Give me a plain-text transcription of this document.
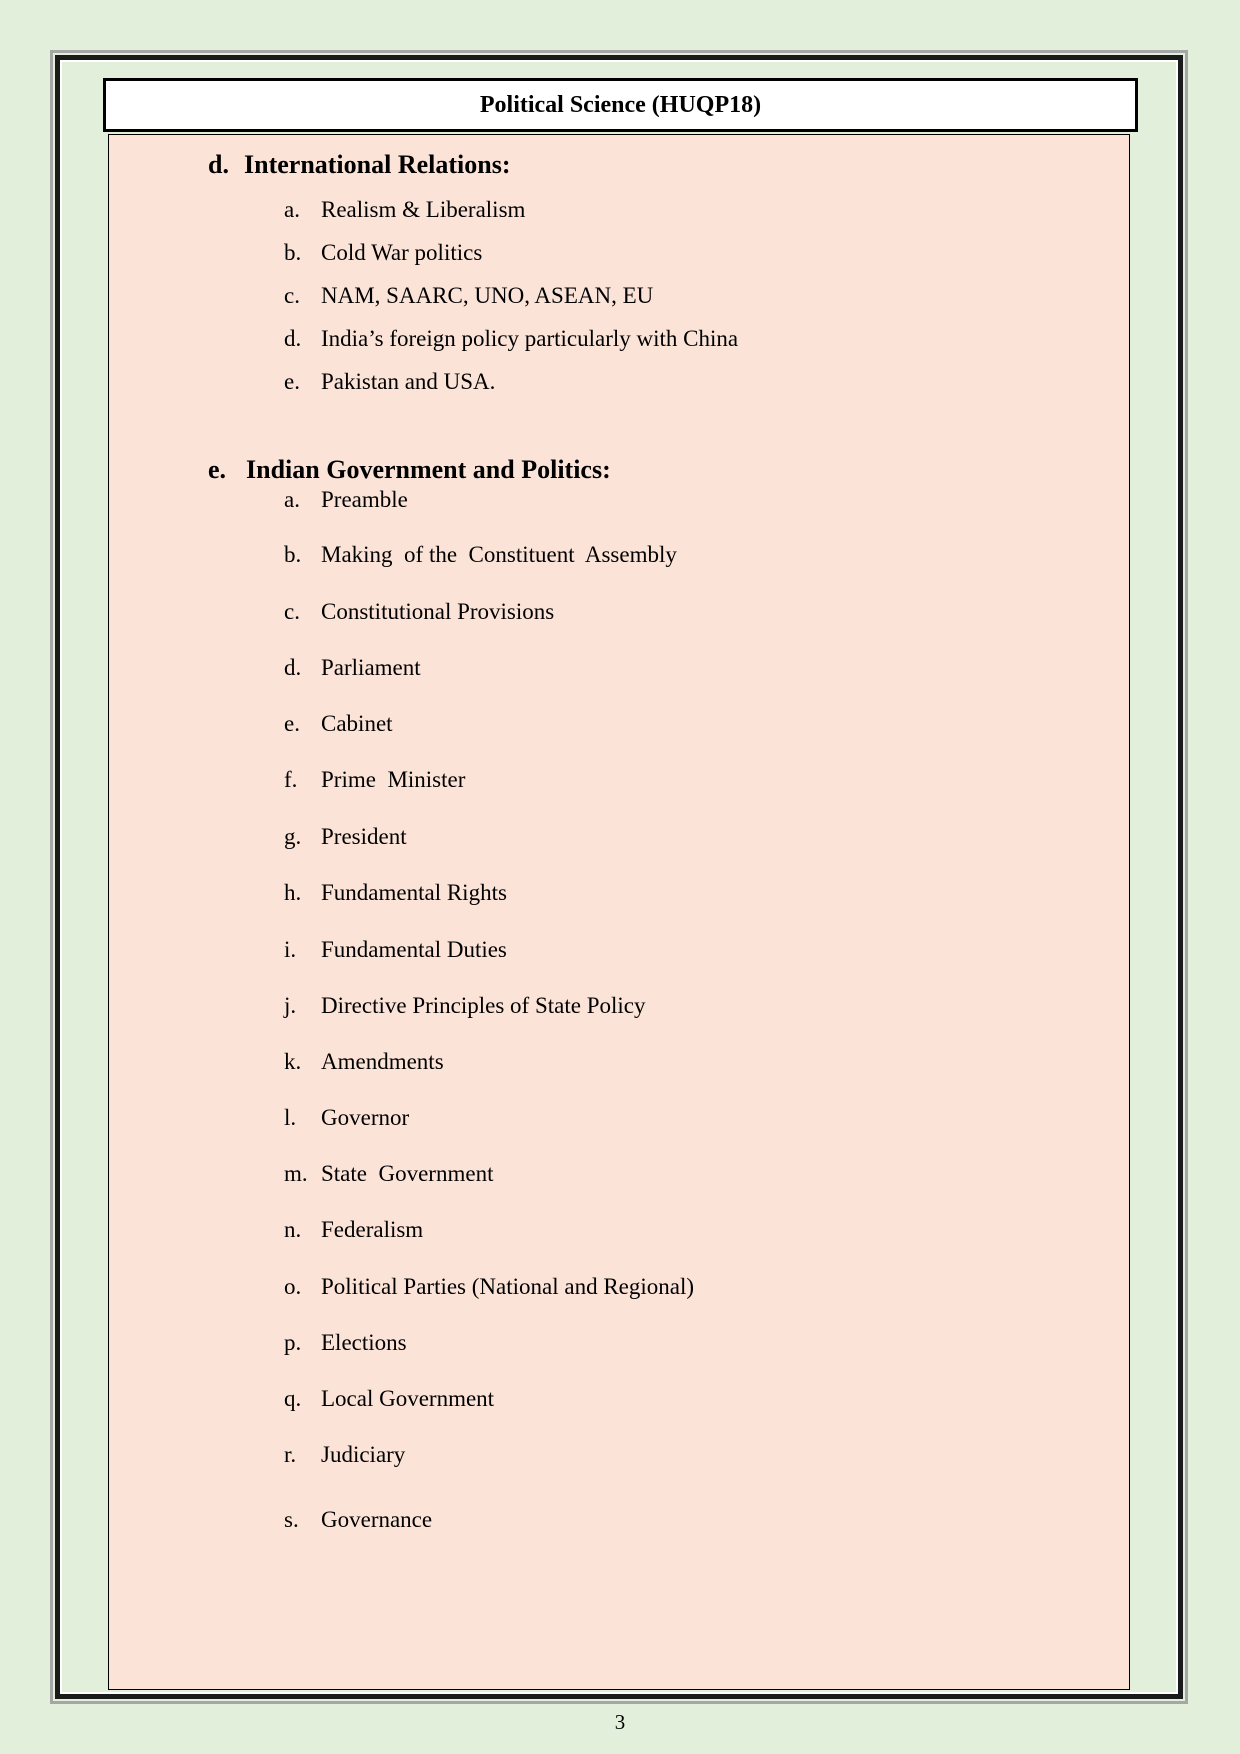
Political Science (HUQP18)
d. International Relations:
a. Realism & Liberalism
b. Cold War politics
c. NAM, SAARC, UNO, ASEAN, EU
d. India’s foreign policy particularly with China
e. Pakistan and USA.
e. Indian Government and Politics:
a. Preamble
b. Making  of the  Constituent  Assembly
c. Constitutional Provisions
d. Parliament
e. Cabinet
f. Prime  Minister
g. President
h. Fundamental Rights
i. Fundamental Duties
j. Directive Principles of State Policy
k. Amendments
l. Governor
m. State  Government
n. Federalism
o. Political Parties (National and Regional)
p. Elections
q. Local Government
r. Judiciary
s. Governance
3
